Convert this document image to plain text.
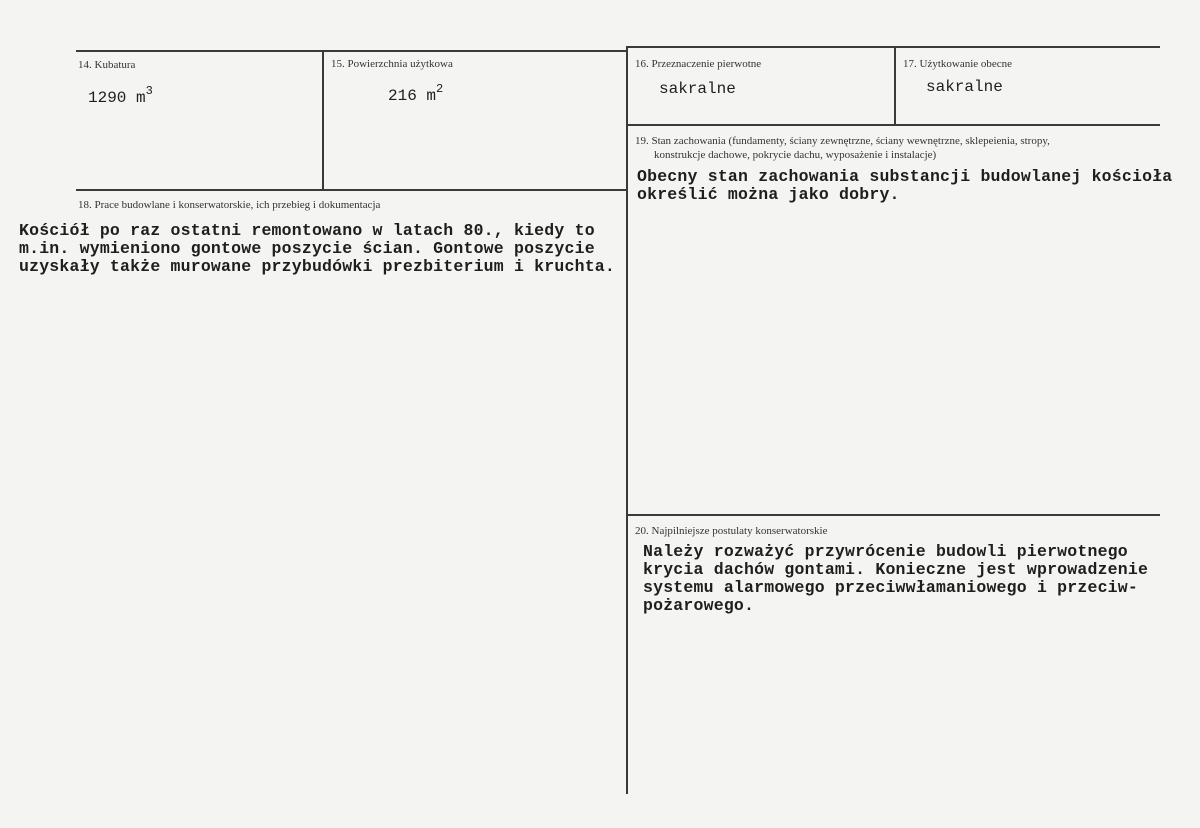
14. Kubatura
1290 $m^3$
15. Powierzchnia użytkowa
216 $m^2$
16. Przeznaczenie pierwotne
sakralne
17. Użytkowanie obecne
sakralne
18. Prace budowlane i konserwatorskie, ich przebieg i dokumentacja
Kościół po raz ostatni remontowano w latach 80., kiedy to
m.in. wymieniono gontowe poszycie ścian. Gontowe poszycie
uzyskały także murowane przybudówki prezbiterium i kruchta.
19. Stan zachowania (fundamenty, ściany zewnętrzne, ściany wewnętrzne, sklepeienia, stropy,
konstrukcje dachowe, pokrycie dachu, wyposażenie i instalacje)
Obecny stan zachowania substancji budowlanej kościoła
określić można jako dobry.
20. Najpilniejsze postulaty konserwatorskie
Należy rozważyć przywrócenie budowli pierwotnego
krycia dachów gontami. Konieczne jest wprowadzenie
systemu alarmowego przeciwwłamaniowego i przeciw-
pożarowego.
